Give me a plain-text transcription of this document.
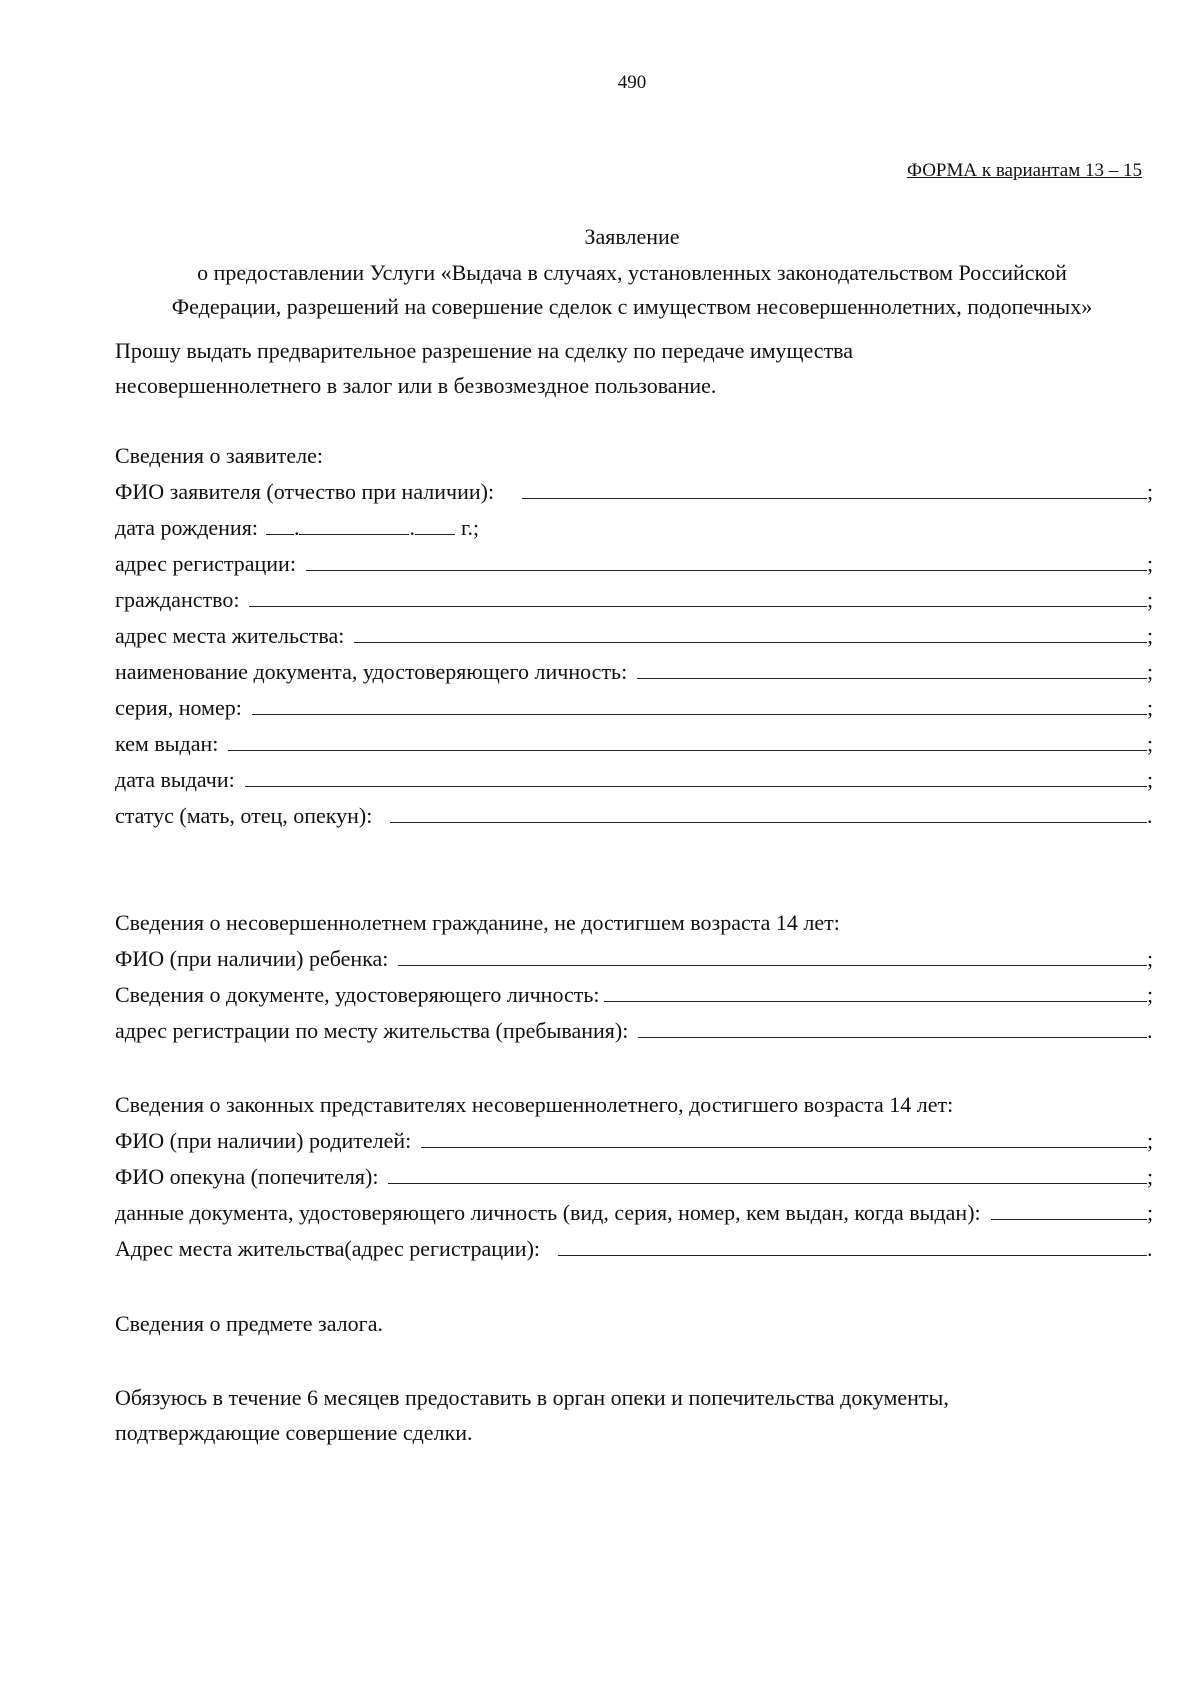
490
ФОРМА к вариантам 13 – 15
Заявление
о предоставлении Услуги «Выдача в случаях, установленных законодательством Российской
Федерации, разрешений на совершение сделок с имуществом несовершеннолетних, подопечных»
Прошу выдать предварительное разрешение на сделку по передаче имущества
несовершеннолетнего в залог или в безвозмездное пользование.
Сведения о заявителе:
ФИО заявителя (отчество при наличии):	;
дата рождения: .	. г.;
адрес регистрации:	;
гражданство:	;
адрес места жительства:	;
наименование документа, удостоверяющего личность:	;
серия, номер:	;
кем выдан:	;
дата выдачи:	;
статус (мать, отец, опекун):	.
Сведения о несовершеннолетнем гражданине, не достигшем возраста 14 лет:
ФИО (при наличии) ребенка:	;
Сведения о документе, удостоверяющего личность:	;
адрес регистрации по месту жительства (пребывания):	.
Сведения о законных представителях несовершеннолетнего, достигшего возраста 14 лет:
ФИО (при наличии) родителей:	;
ФИО опекуна (попечителя):	;
данные документа, удостоверяющего личность (вид, серия, номер, кем выдан, когда выдан):	;
Адрес места жительства(адрес регистрации):	.
Сведения о предмете залога.
Обязуюсь в течение 6 месяцев предоставить в орган опеки и попечительства документы,
подтверждающие совершение сделки.
